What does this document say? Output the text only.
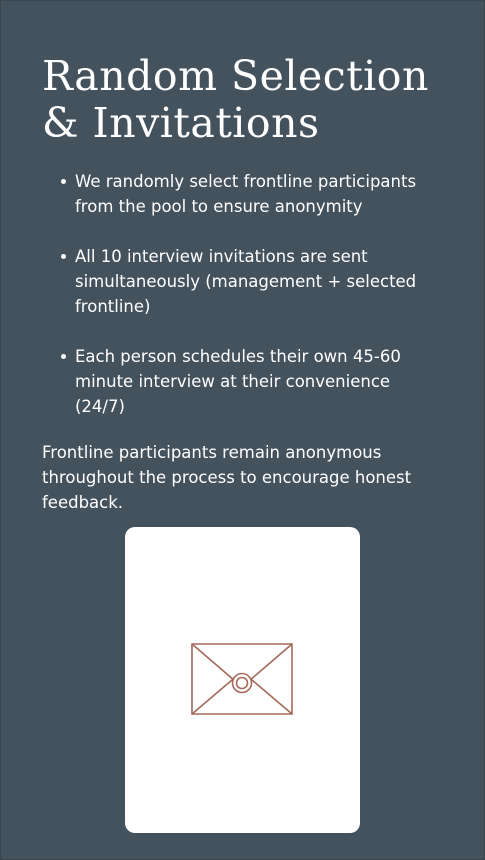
Random Selection & Invitations
We randomly select frontline participants from the pool to ensure anonymity
All 10 interview invitations are sent simultaneously (management + selected frontline)
Each person schedules their own 45-60 minute interview at their convenience (24/7)

Frontline participants remain anonymous throughout the process to encourage honest feedback.
